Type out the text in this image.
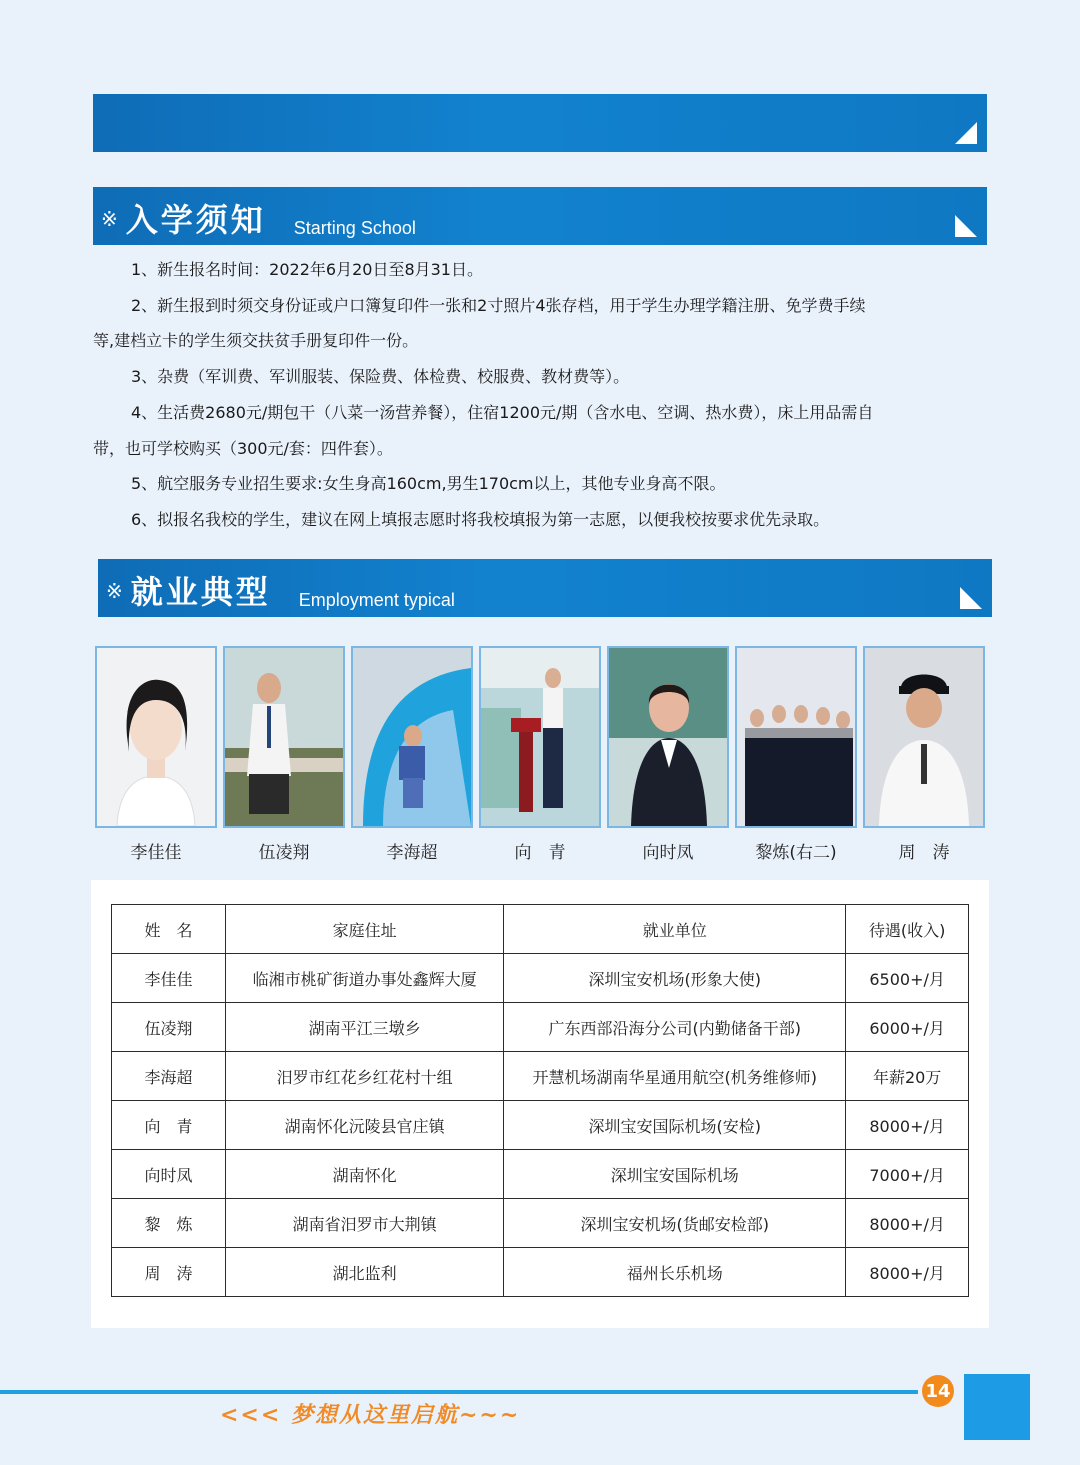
※ 入学须知 Starting School

1、新生报名时间：2022年6月20日至8月31日。

2、新生报到时须交身份证或户口簿复印件一张和2寸照片4张存档，用于学生办理学籍注册、免学费手续

等,建档立卡的学生须交扶贫手册复印件一份。

3、杂费（军训费、军训服装、保险费、体检费、校服费、教材费等）。

4、生活费2680元/期包干（八菜一汤营养餐），住宿1200元/期（含水电、空调、热水费），床上用品需自

带，也可学校购买（300元/套：四件套）。

5、航空服务专业招生要求:女生身高160cm,男生170cm以上，其他专业身高不限。

6、拟报名我校的学生，建议在网上填报志愿时将我校填报为第一志愿，以便我校按要求优先录取。

※ 就业典型 Employment typical
李佳佳	伍凌翔	李海超	向　青	向时凤	黎炼(右二)	周　涛
姓　名	家庭住址	就业单位	待遇(收入)
李佳佳	临湘市桃矿街道办事处鑫辉大厦	深圳宝安机场(形象大使)	6500+/月
伍凌翔	湖南平江三墩乡	广东西部沿海分公司(内勤储备干部)	6000+/月
李海超	汨罗市红花乡红花村十组	开慧机场湖南华星通用航空(机务维修师)	年薪20万
向　青	湖南怀化沅陵县官庄镇	深圳宝安国际机场(安检)	8000+/月
向时凤	湖南怀化	深圳宝安国际机场	7000+/月
黎　炼	湖南省汨罗市大荆镇	深圳宝安机场(货邮安检部)	8000+/月
周　涛	湖北监利	福州长乐机场	8000+/月
14
<<< 梦想从这里启航~~~
